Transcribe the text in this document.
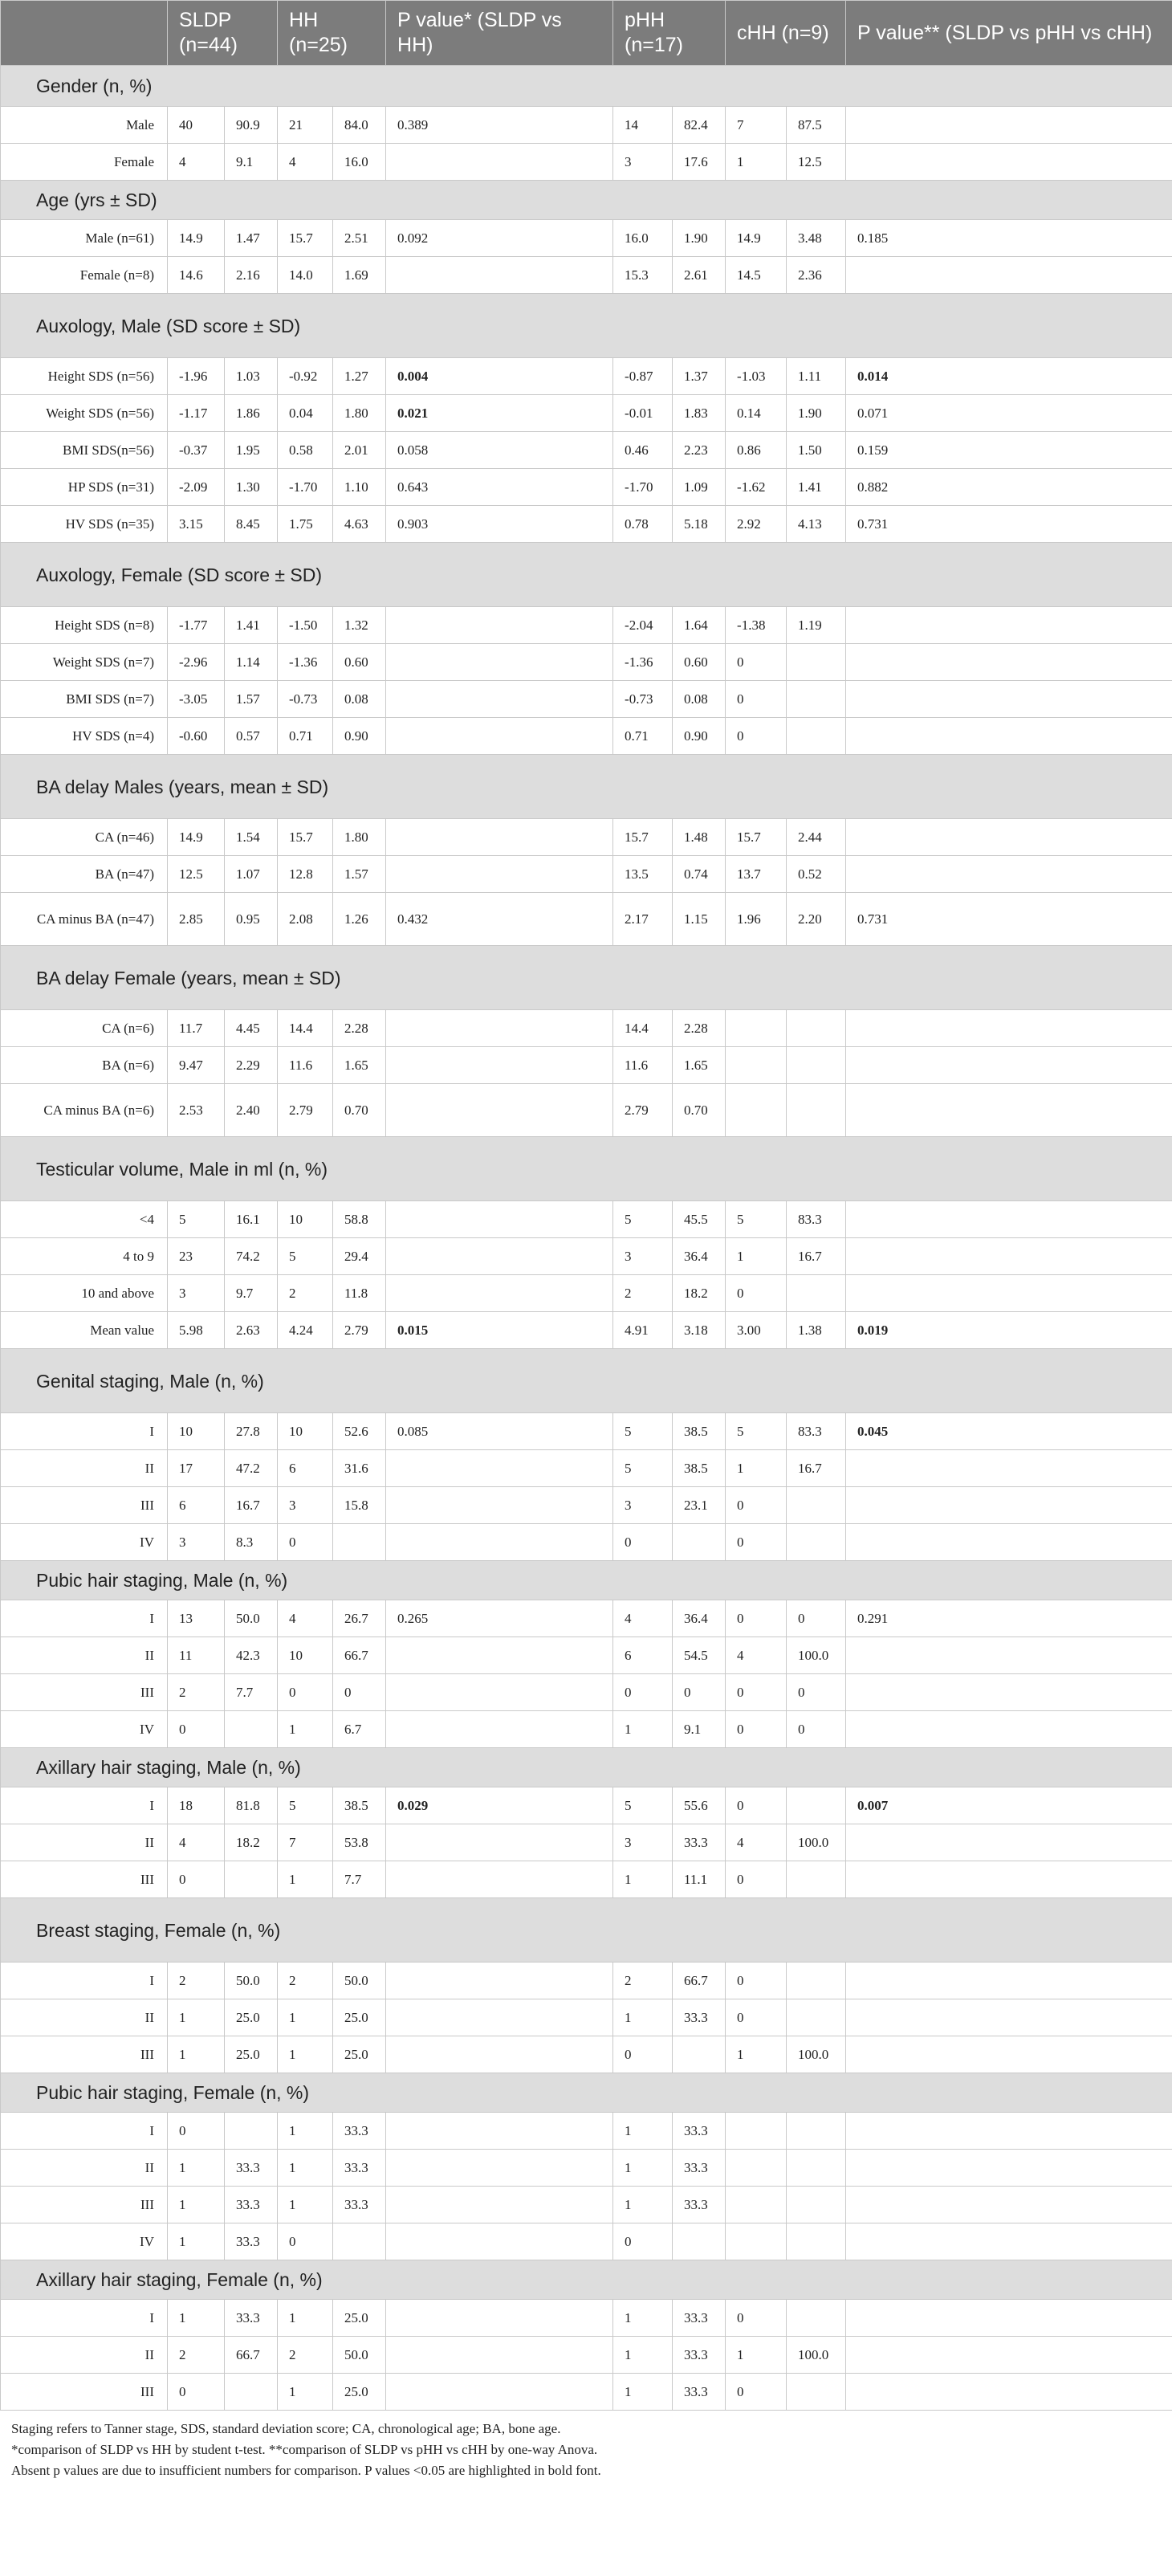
	SLDP (n=44)		HH (n=25)		P value* (SLDP vs HH)	pHH (n=17)		cHH (n=9)		P value** (SLDP vs pHH vs cHH)
Gender (n, %)										
Male	40	90.9	21	84.0	0.389	14	82.4	7	87.5	
Female	4	9.1	4	16.0		3	17.6	1	12.5	
Age (yrs ± SD)										
Male (n=61)	14.9	1.47	15.7	2.51	0.092	16.0	1.90	14.9	3.48	0.185
Female (n=8)	14.6	2.16	14.0	1.69		15.3	2.61	14.5	2.36	
Auxology, Male (SD score ± SD)										
Height SDS (n=56)	-1.96	1.03	-0.92	1.27	0.004	-0.87	1.37	-1.03	1.11	0.014
Weight SDS (n=56)	-1.17	1.86	0.04	1.80	0.021	-0.01	1.83	0.14	1.90	0.071
BMI SDS(n=56)	-0.37	1.95	0.58	2.01	0.058	0.46	2.23	0.86	1.50	0.159
HP SDS (n=31)	-2.09	1.30	-1.70	1.10	0.643	-1.70	1.09	-1.62	1.41	0.882
HV SDS (n=35)	3.15	8.45	1.75	4.63	0.903	0.78	5.18	2.92	4.13	0.731
Auxology, Female (SD score ± SD)										
Height SDS (n=8)	-1.77	1.41	-1.50	1.32		-2.04	1.64	-1.38	1.19	
Weight SDS (n=7)	-2.96	1.14	-1.36	0.60		-1.36	0.60	0		
BMI SDS (n=7)	-3.05	1.57	-0.73	0.08		-0.73	0.08	0		
HV SDS (n=4)	-0.60	0.57	0.71	0.90		0.71	0.90	0		
BA delay Males (years, mean ± SD)										
CA (n=46)	14.9	1.54	15.7	1.80		15.7	1.48	15.7	2.44	
BA (n=47)	12.5	1.07	12.8	1.57		13.5	0.74	13.7	0.52	
CA minus BA (n=47)	2.85	0.95	2.08	1.26	0.432	2.17	1.15	1.96	2.20	0.731
BA delay Female (years, mean ± SD)										
CA (n=6)	11.7	4.45	14.4	2.28		14.4	2.28			
BA (n=6)	9.47	2.29	11.6	1.65		11.6	1.65			
CA minus BA (n=6)	2.53	2.40	2.79	0.70		2.79	0.70			
Testicular volume, Male in ml (n, %)										
<4	5	16.1	10	58.8		5	45.5	5	83.3	
4 to 9	23	74.2	5	29.4		3	36.4	1	16.7	
10 and above	3	9.7	2	11.8		2	18.2	0		
Mean value	5.98	2.63	4.24	2.79	0.015	4.91	3.18	3.00	1.38	0.019
Genital staging, Male (n, %)										
I	10	27.8	10	52.6	0.085	5	38.5	5	83.3	0.045
II	17	47.2	6	31.6		5	38.5	1	16.7	
III	6	16.7	3	15.8		3	23.1	0		
IV	3	8.3	0			0		0		
Pubic hair staging, Male (n, %)										
I	13	50.0	4	26.7	0.265	4	36.4	0	0	0.291
II	11	42.3	10	66.7		6	54.5	4	100.0	
III	2	7.7	0	0		0	0	0	0	
IV	0		1	6.7		1	9.1	0	0	
Axillary hair staging, Male (n, %)										
I	18	81.8	5	38.5	0.029	5	55.6	0		0.007
II	4	18.2	7	53.8		3	33.3	4	100.0	
III	0		1	7.7		1	11.1	0		
Breast staging, Female (n, %)										
I	2	50.0	2	50.0		2	66.7	0		
II	1	25.0	1	25.0		1	33.3	0		
III	1	25.0	1	25.0		0		1	100.0	
Pubic hair staging, Female (n, %)										
I	0		1	33.3		1	33.3			
II	1	33.3	1	33.3		1	33.3			
III	1	33.3	1	33.3		1	33.3			
IV	1	33.3	0			0				
Axillary hair staging, Female (n, %)										
I	1	33.3	1	25.0		1	33.3	0		
II	2	66.7	2	50.0		1	33.3	1	100.0	
III	0		1	25.0		1	33.3	0		
Staging refers to Tanner stage, SDS, standard deviation score; CA, chronological age; BA, bone age.
*comparison of SLDP vs HH by student t-test. **comparison of SLDP vs pHH vs cHH by one-way Anova.
Absent p values are due to insufficient numbers for comparison. P values <0.05 are highlighted in bold font.
